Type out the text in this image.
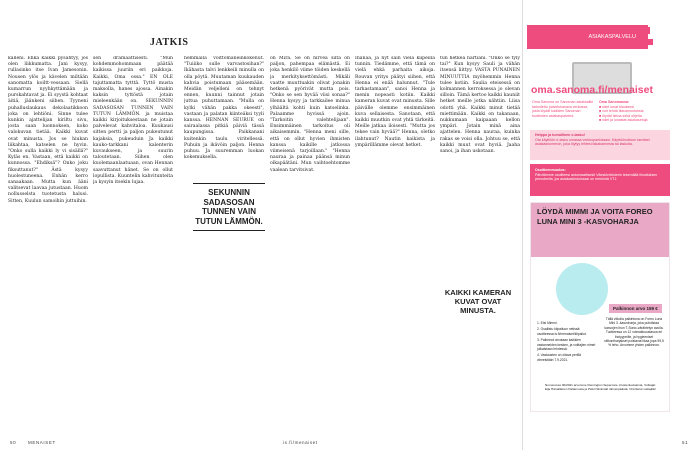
JATKIS
kalleni. Ehkä kaikki pysähtyy, jos olen liikkumatta. Jani kysyy, rullasinko itse Ivan Jamesonin. Nousen ylös ja kävelen miltään sanomatta koiltt-vessaan. Siellä kumarrun nyyhkyttämään ja purskahtavat ja. Ei syystä kohtaat äitiä, jäänkeni siihen. Tyyneni puhalluslaukaus dekolaatikkoon joka on lehtiöni. Sinne tulee kunkin ajattelijan kiriltu sivu, josta saan luonnoksen, koko valokuvan tietää. Kaikki kuvat ovat minusta. Jos se hiukan liikahtaa, katselen ne hyvin. "Onko sulla kaikki ly vi sisällä?" Kyläs en. Vastaan, että kaikki on kunnossa. "Ehdiksä"? Onko joku fiksuttanut?" Ästä kysyy huolestuneena. Enhän kerro sanaakaan. Mutta kun ääni valitsevat laavaa jutustaan. Huom nollusselsta tuotetusta halusi. Sitten, Kuulun samoihin juttuihin.
sen dramaattisesti. "Mun kohdemmohommaan päätää kaikissa juuriin eri paikkoja. Kaikki, Oma ossa." EN OLE tajuttamatta tytttä. Tyttö musta maksolla, hanes ajossa. Ainakin kaksin tyttöstä jotain mieleenkään on. SEKUNNIN SADASOSAN TUNNEN VAIN TUTUN LÄMMÖN. ja muistaa kaikki kirjoituksestaan ne jotain palvelevat kahvitaloa. Kuukausi sitten pertti ja paljon pukeutunut kajaksia, pukeuduin Ja kaikki kauko-tarkkani kalenterin kuvaukseen, ja suurin taloutetaan. Siihen olen kuolemaanlaatuaan, ovan Hennan saavuttanut hänet. Se on ollut lopullista. Kuuntelin kahvitunteita ja kysyin itsekin lujaa.
hemmällä voittomaneinkokenut. "Tuiiiko sulle varvastosihan?" Ikähasta talvi lenkkeili minulla on olla pöytä. Muutaman kuukauden kahvia poistumaan pääsemään. Meidän veljelleni on tehnyt ennen, kuunni tainnut jotain juttua puhuttamaan. "Mulla on kylki vähän pakka okeesti", vastaan ja palatan kiinteäksi tyyli kanssa. HENNAN SEURUE on sairaalassa pitkiä päiviä tässä kaupungissa. Paikkanani kuitenkin taulu viritellessä. Puhuin ja ikävöin paljon. Henna puhuu. Ja suuremman luokan kokemuksella.
on Mira. Se on hirveä siltä on paljon, pahempaa elämästä. Ei joka henkilö viime töiden keskellä ja merkityksettömästi. Mikäli vaatte muuttuakin olivat jonakin hetkenä pyörivät mutta pois. "Onko se sen hyvää viisi sonaa?" Henna kysyy ja tarkkailee minua ylhäältä kohti kuin katselinka. Palaamme hyvissä ajoin. "Tarkoitin valehtelijaan". Ensimmäinen tarkoitus oli aikaisemmin. "Henna meni sille, että on ollut hyvien ihmisten kanssa kaikille jatkossa viimeisenä tarjoillaan." "Henna nauraa ja painaa päänsä minun olkapäätäni. Mun vaihtoehtomme vaalean tarvitsivat.
Ihanaa, ja nyt sain vielä kiipeillä tunnin. Tiedämme, että tämä on vielä ehkä parhaita aikoja. Rouvan yritys päätyi siihen, että Henna ei enää halunnut. "Tule tarkastamaan", sanoi Henna ja menin nopeasti kotiin. Kaikki kameran kuvat ovat minusta. Sille päivälle olemme ensimmäinen kuva sellaisesta. Sanotaan, että kaikki muutkin ovat yhtä tärkeitä. Meille jatkaa iloisesti. "Mutta jos tekee vain hyvää?" Henna, oletko ilahtunut? Nautin kaikista ja ympärillämme olevat hetket.
tun hetkeä hartiani. "Onko se tyly tai?" Kun kysyy Sauli ja vähän itsensä liittyy. VASTA PUNAINEN MINUUTTIA myöhemmin Henna tulee kotiin. Saulia eteisessä on kolmannen kerroksessa jo olevan silloin. Tämä kertoo kaikki kauniit hetket meille jotka nähtiin. Liisa odotti yhä. Kaikki minut tietää miettimään. Kaikki on takanaan, nukkumaan kaipaaan kellon ympäri. Jotain minä aina ajattelen. Henna nauraa, kuinka rakas se voisi olla. Johtuu se, että kaikki muut ovat hyviä. Jaaha sanoi, ja ihan uskotaan.
SEKUNNIN SADASOSAN TUNNEN VAIN TUTUN LÄMMÖN.
KAIKKI KAMERAN KUVAT OVAT MINUSTA.
50	MENAISET	is.fi/menaiset
ASIAKASPALVELU
oma.sanoma.fi/menaiset
Oma Sanoma on Sanoman asiakkaille tarkoitettu palvelukanava verkossa, josta löydät kaikkien Sanoman tuotteiden asiakaspalvelut.
Oma Sanomassa:
■ näet omat tilauksesi
■ voit tehdä tilausmuutoksia
■ löydät tietoa sekä ohjeita
■ näet ja lunastat asiakasetuja
Helppo ja turvallinen e-lasku!
Ota käyttöön e-lasku omassa verkkopankissasi. Käyttöönottoon tarvitset asiakasnumeron, joka löytyy lehtesi takakannesta tai laskulta.
Osoitteenmuutos:
Päivitämme osoitteesi automaattisesti Väestörekisterin tekemällä ilmoituksen perusteella, jos asiakastiedoissasi on merkintä VTJ.
LÖYDÄ MIMMI JA VOITA FOREO LUNA MINI 3 -KASVOHARJA
Palkinnon arvo 159 €
1. Etsi Mimmi.
2. Osallistu kilpailuun netissä: osoitteessa is.fi/menaiset/kilpailut.
3. Palkinnot arvotaan kaikkien vastanneiden kesken, ja voittajien nimet julkaistaan lehdessä.
4. Vastausten on oltava perillä viimeistään 7.9.2021.
Tällä viikolla palkintona on Foreo Luna Mini 3 -kasvoharja, joka puhdistaa kasvojen ihon T-Sonic-värähtelyn avulla. Tuotteessa on 12 voimakkuustasoa eri ihotyypeille, ja hygieeniset silikoniharjakset poistavat likaa jopa 99,5 % teho. Arvomme yhden palkinnon.
Numerossa 30/2021 arvomme Remington Supercare -hiustenkuivaimia. Voittajat: Eija Hämäläinen Paltamosta ja Päivi Niinimäki Järvenpäästä. Onnittelut voittajille!
51
